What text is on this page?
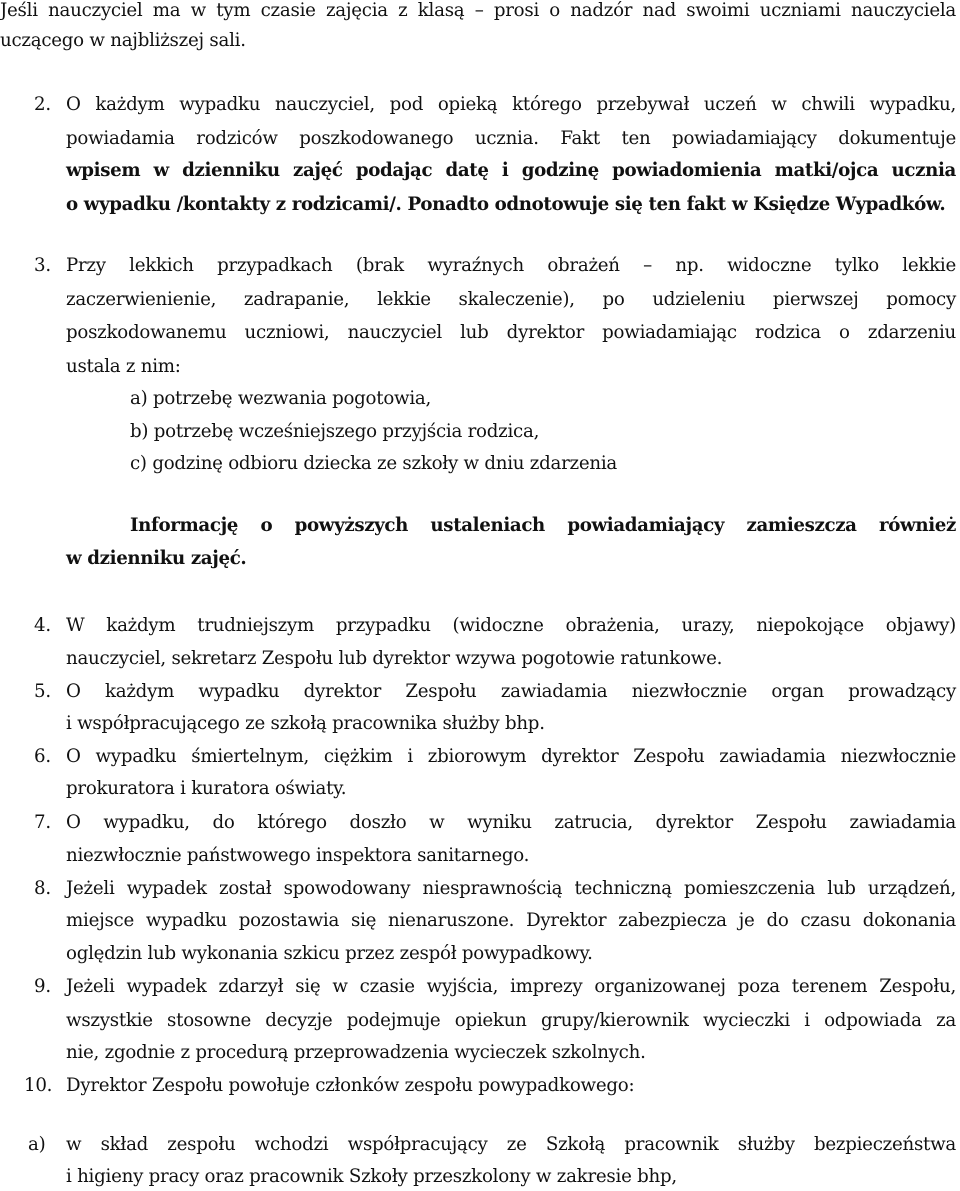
Jeśli nauczyciel ma w tym czasie zajęcia z klasą – prosi o nadzór nad swoimi uczniami nauczyciela
uczącego w najbliższej sali.
2. O każdym wypadku nauczyciel, pod opieką którego przebywał uczeń w chwili wypadku,
powiadamia rodziców poszkodowanego ucznia. Fakt ten powiadamiający dokumentuje
wpisem w dzienniku zajęć podając datę i godzinę powiadomienia matki/ojca ucznia
o wypadku /kontakty z rodzicami/. Ponadto odnotowuje się ten fakt w Księdze Wypadków.
3. Przy lekkich przypadkach (brak wyraźnych obrażeń – np. widoczne tylko lekkie
zaczerwienienie, zadrapanie, lekkie skaleczenie), po udzieleniu pierwszej pomocy
poszkodowanemu uczniowi, nauczyciel lub dyrektor powiadamiając rodzica o zdarzeniu
ustala z nim:
a) potrzebę wezwania pogotowia,
b) potrzebę wcześniejszego przyjścia rodzica,
c) godzinę odbioru dziecka ze szkoły w dniu zdarzenia
Informację o powyższych ustaleniach powiadamiający zamieszcza również
w dzienniku zajęć.
4. W każdym trudniejszym przypadku (widoczne obrażenia, urazy, niepokojące objawy)
nauczyciel, sekretarz Zespołu lub dyrektor wzywa pogotowie ratunkowe.
5. O każdym wypadku dyrektor Zespołu zawiadamia niezwłocznie organ prowadzący
i współpracującego ze szkołą pracownika służby bhp.
6. O wypadku śmiertelnym, ciężkim i zbiorowym dyrektor Zespołu zawiadamia niezwłocznie
prokuratora i kuratora oświaty.
7. O wypadku, do którego doszło w wyniku zatrucia, dyrektor Zespołu zawiadamia
niezwłocznie państwowego inspektora sanitarnego.
8. Jeżeli wypadek został spowodowany niesprawnością techniczną pomieszczenia lub urządzeń,
miejsce wypadku pozostawia się nienaruszone. Dyrektor zabezpiecza je do czasu dokonania
oględzin lub wykonania szkicu przez zespół powypadkowy.
9. Jeżeli wypadek zdarzył się w czasie wyjścia, imprezy organizowanej poza terenem Zespołu,
wszystkie stosowne decyzje podejmuje opiekun grupy/kierownik wycieczki i odpowiada za
nie, zgodnie z procedurą przeprowadzenia wycieczek szkolnych.
10. Dyrektor Zespołu powołuje członków zespołu powypadkowego:
a)	w skład zespołu wchodzi współpracujący ze Szkołą pracownik służby bezpieczeństwa
i higieny pracy oraz pracownik Szkoły przeszkolony w zakresie bhp,
